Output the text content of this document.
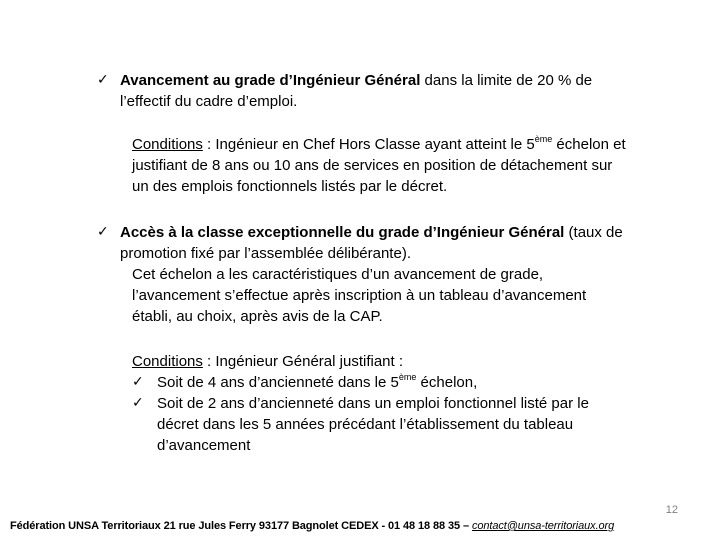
✓ Avancement au grade d’Ingénieur Général dans la limite de 20 % de
l’effectif du cadre d’emploi.
Conditions : Ingénieur en Chef Hors Classe ayant atteint le 5ème échelon et
justifiant de 8 ans ou 10 ans de services en position de détachement sur
un des emplois fonctionnels listés par le décret.
✓ Accès à la classe exceptionnelle du grade d’Ingénieur Général (taux de
promotion fixé par l’assemblée délibérante).
Cet échelon a les caractéristiques d’un avancement de grade,
l’avancement s’effectue après inscription à un tableau d’avancement
établi, au choix, après avis de la CAP.
Conditions : Ingénieur Général justifiant :
✓ Soit de 4 ans d’ancienneté dans le 5ème échelon,
✓ Soit de 2 ans d’ancienneté dans un emploi fonctionnel listé par le
décret dans les 5 années précédant l’établissement du tableau
d’avancement
12
Fédération UNSA Territoriaux 21 rue Jules Ferry 93177 Bagnolet CEDEX - 01 48 18 88 35 – contact@unsa-territoriaux.org
